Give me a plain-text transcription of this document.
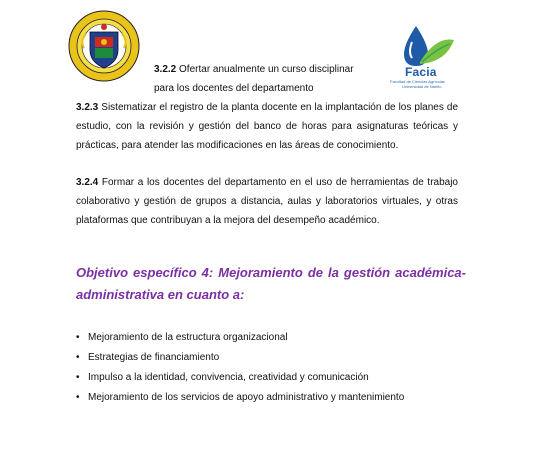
Facia
Facultad de Ciencias Agrícolas
Universidad de Nariño
3.2.2 Ofertar anualmente un curso disciplinar
para los docentes del departamento
3.2.3 Sistematizar el registro de la planta docente en la implantación de los planes de estudio, con la revisión y gestión del banco de horas para asignaturas teóricas y prácticas, para atender las modificaciones en las áreas de conocimiento.
3.2.4 Formar a los docentes del departamento en el uso de herramientas de trabajo colaborativo y gestión de grupos a distancia, aulas y laboratorios virtuales, y otras plataformas que contribuyan a la mejora del desempeño académico.
Objetivo específico 4: Mejoramiento de la gestión académica-administrativa en cuanto a:
• Mejoramiento de la estructura organizacional
• Estrategias de financiamiento
• Impulso a la identidad, convivencia, creatividad y comunicación
• Mejoramiento de los servicios de apoyo administrativo y mantenimiento
